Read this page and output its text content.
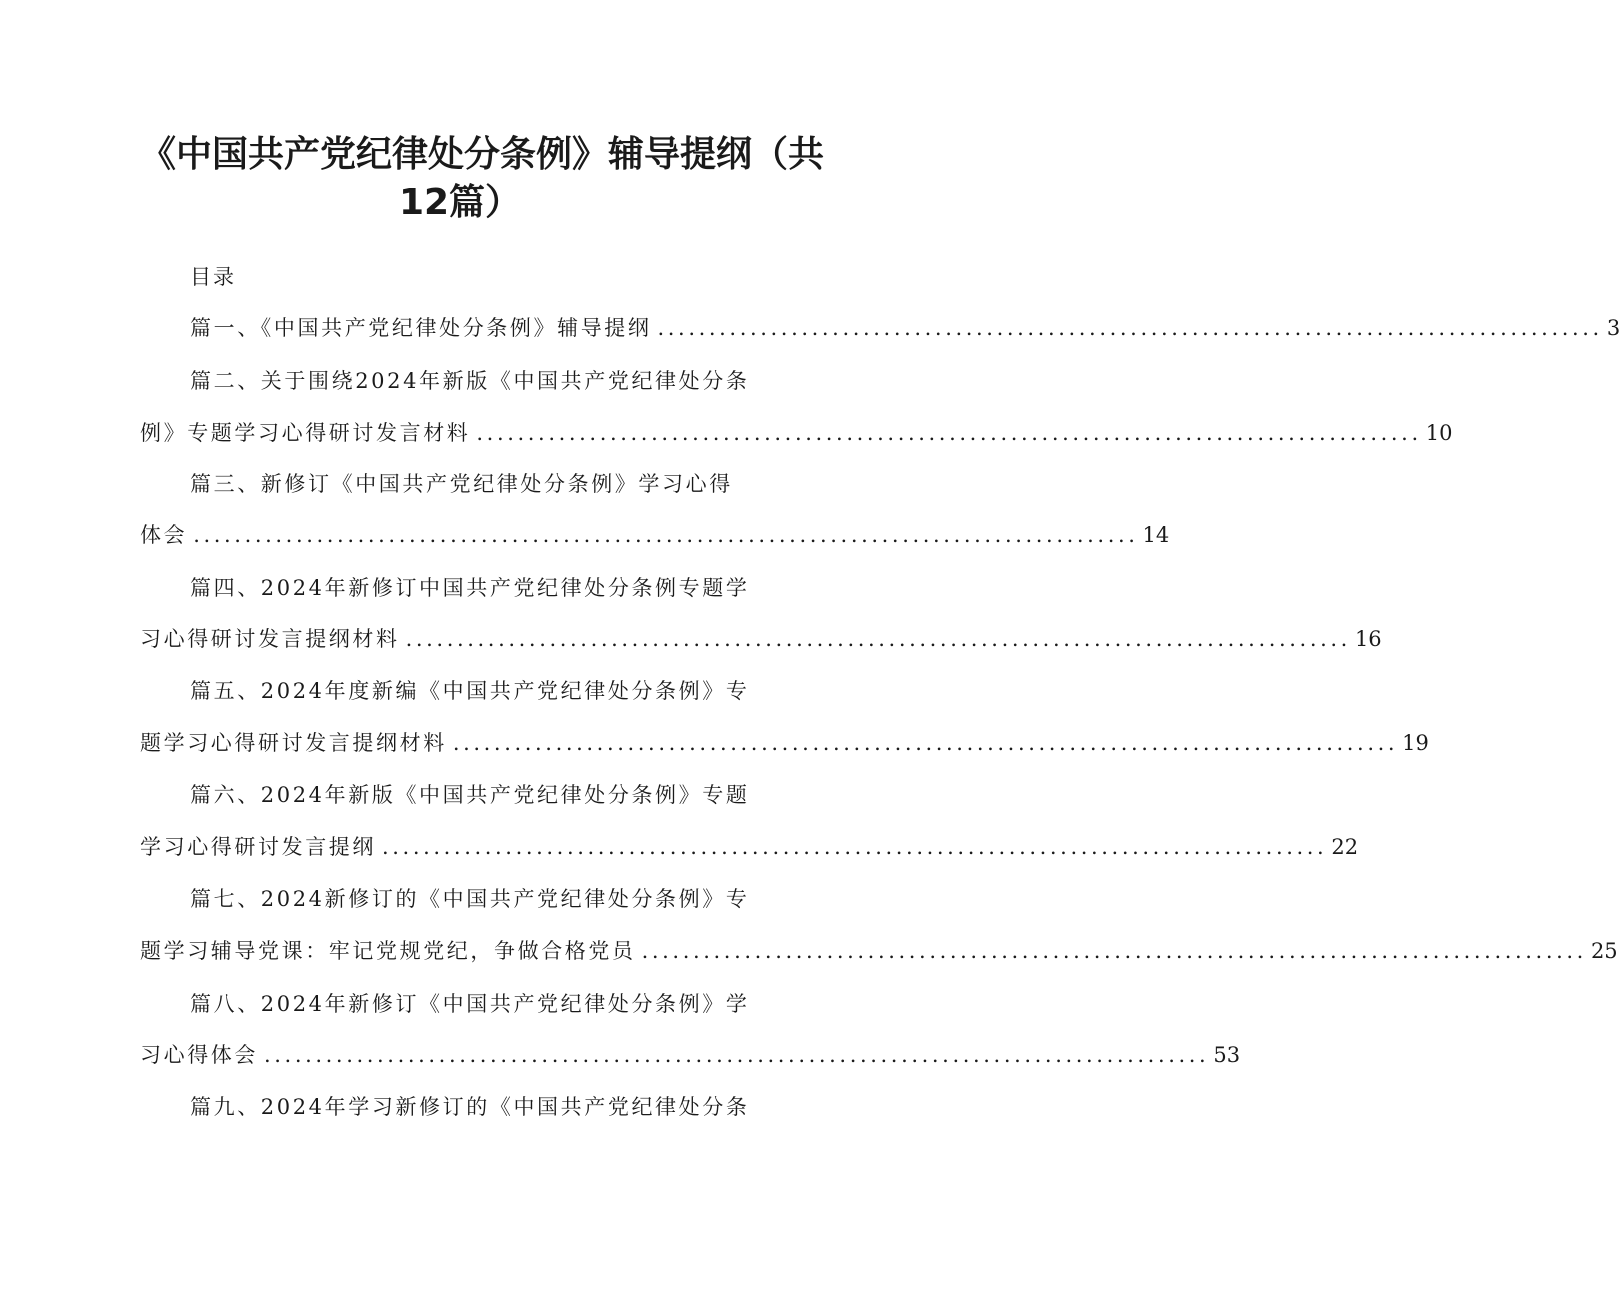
《中国共产党纪律处分条例》辅导提纲（共
12篇）
目录
篇一、《中国共产党纪律处分条例》辅导提纲 ............................................................................................ 3
篇二、关于围绕2024年新版《中国共产党纪律处分条
例》专题学习心得研讨发言材料 ............................................................................................ 10
篇三、新修订《中国共产党纪律处分条例》学习心得
体会 ............................................................................................ 14
篇四、2024年新修订中国共产党纪律处分条例专题学
习心得研讨发言提纲材料 ............................................................................................ 16
篇五、2024年度新编《中国共产党纪律处分条例》专
题学习心得研讨发言提纲材料 ............................................................................................ 19
篇六、2024年新版《中国共产党纪律处分条例》专题
学习心得研讨发言提纲 ............................................................................................ 22
篇七、2024新修订的《中国共产党纪律处分条例》专
题学习辅导党课：牢记党规党纪，争做合格党员 ............................................................................................ 25
篇八、2024年新修订《中国共产党纪律处分条例》学
习心得体会 ............................................................................................ 53
篇九、2024年学习新修订的《中国共产党纪律处分条
